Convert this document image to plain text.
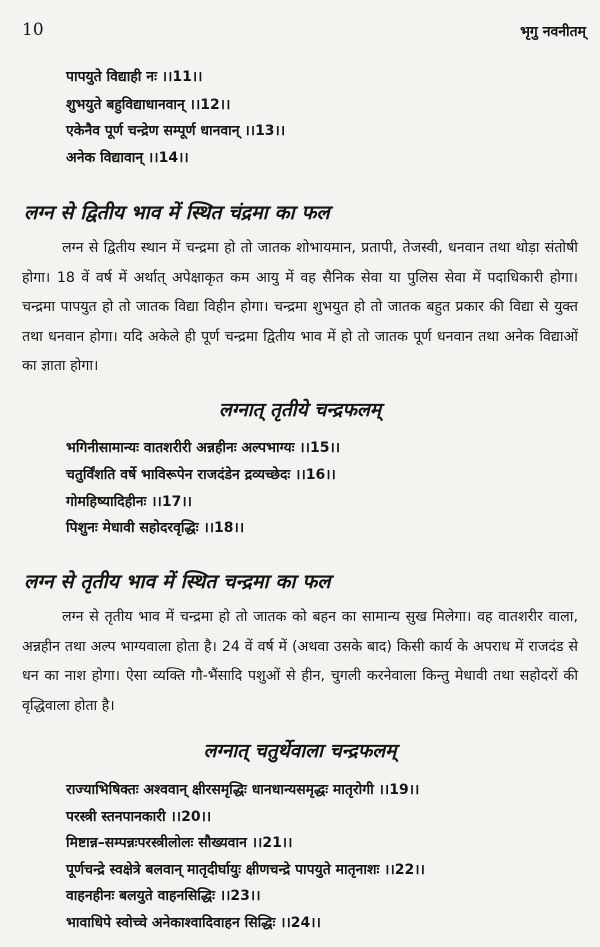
10	भृगु नवनीतम्
पापयुते विद्याही नः ।।11।।
शुभयुते बहुविद्याधानवान् ।।12।।
एकेनैव पूर्ण चन्द्रेण सम्पूर्ण धानवान् ।।13।।
अनेक विद्यावान् ।।14।।
लग्न से द्वितीय भाव में स्थित चंद्रमा का फल
लग्न से द्वितीय स्थान में चन्द्रमा हो तो जातक शोभायमान, प्रतापी, तेजस्वी, धनवान तथा थोड़ा संतोषी होगा। 18 वें वर्ष में अर्थात् अपेक्षाकृत कम आयु में वह सैनिक सेवा या पुलिस सेवा में पदाधिकारी होगा। चन्द्रमा पापयुत हो तो जातक विद्या विहीन होगा। चन्द्रमा शुभयुत हो तो जातक बहुत प्रकार की विद्या से युक्त तथा धनवान होगा। यदि अकेले ही पूर्ण चन्द्रमा द्वितीय भाव में हो तो जातक पूर्ण धनवान तथा अनेक विद्याओं का ज्ञाता होगा।
लग्नात् तृतीये चन्द्रफलम्
भगिनीसामान्यः वातशरीरी अन्नहीनः अल्पभाग्यः ।।15।।
चतुर्विंशति वर्षे भाविरूपेन राजदंडेन द्रव्यच्छेदः ।।16।।
गोमहिष्यादिहीनः ।।17।।
पिशुनः मेधावी सहोदरवृद्धिः ।।18।।
लग्न से तृतीय भाव में स्थित चन्द्रमा का फल
लग्न से तृतीय भाव में चन्द्रमा हो तो जातक को बहन का सामान्य सुख मिलेगा। वह वातशरीर वाला, अन्नहीन तथा अल्प भाग्यवाला होता है। 24 वें वर्ष में (अथवा उसके बाद) किसी कार्य के अपराध में राजदंड से धन का नाश होगा। ऐसा व्यक्ति गौ-भैंसादि पशुओं से हीन, चुगली करनेवाला किन्तु मेधावी तथा सहोदरों की वृद्धिवाला होता है।
लग्नात् चतुर्थेवाला चन्द्रफलम्
राज्याभिषिक्तः अश्ववान् क्षीरसमृद्धिः धानधान्यसमृद्धः मातृरोगी ।।19।।
परस्त्री स्तनपानकारी ।।20।।
मिष्टान्न–सम्पन्नःपरस्त्रीलोलः सौख्यवान ।।21।।
पूर्णचन्द्रे स्वक्षेत्रे बलवान् मातृदीर्घायुः क्षीणचन्द्रे पापयुते मातृनाशः ।।22।।
वाहनहीनः बलयुते वाहनसिद्धिः ।।23।।
भावाधिपे स्वोच्चे अनेकाश्वादिवाहन सिद्धिः ।।24।।
